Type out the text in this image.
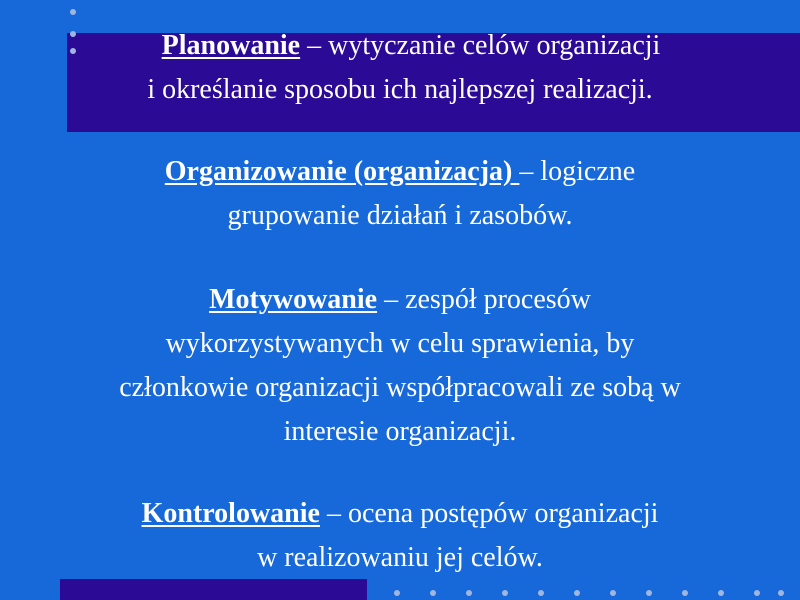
Planowanie – wytyczanie celów organizacji
i określanie sposobu ich najlepszej realizacji.
Organizowanie (organizacja) – logiczne
grupowanie działań i zasobów.
Motywowanie – zespół procesów
wykorzystywanych w celu sprawienia, by
członkowie organizacji współpracowali ze sobą w
interesie organizacji.
Kontrolowanie – ocena postępów organizacji
w realizowaniu jej celów.
